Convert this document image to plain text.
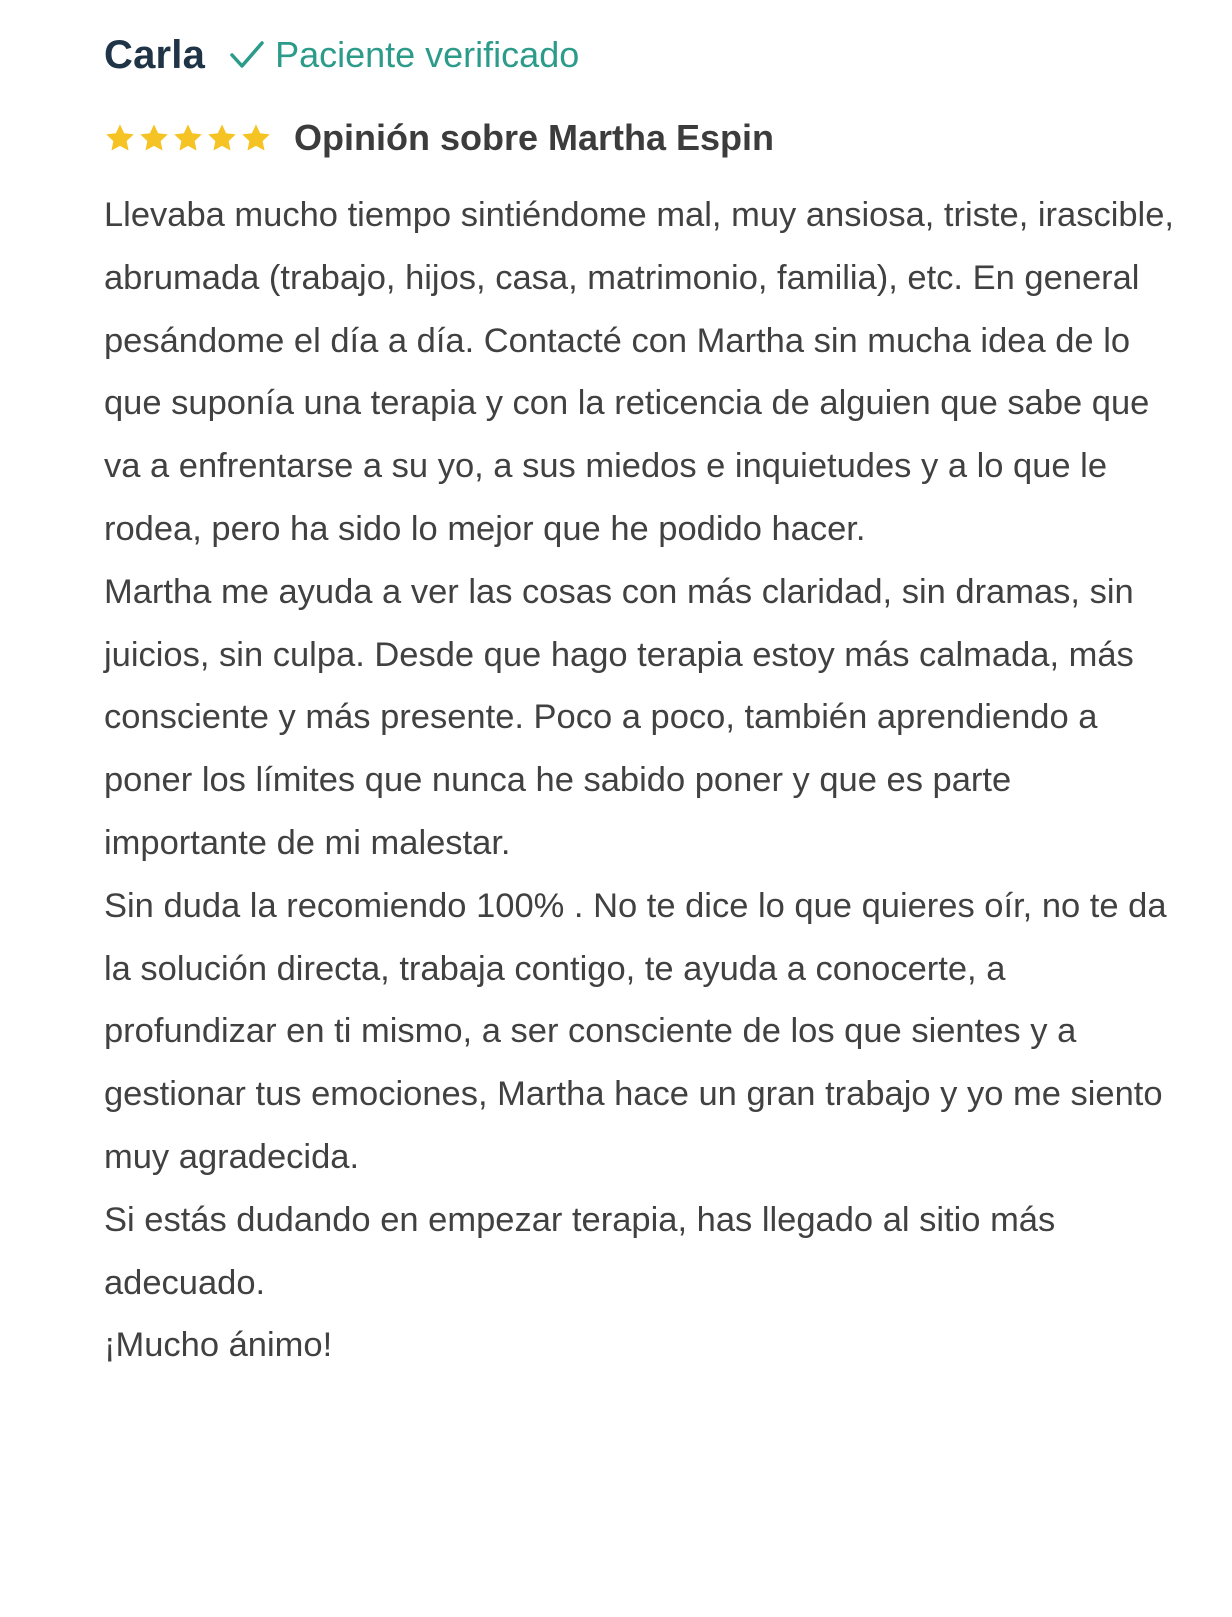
Carla Paciente verificado
Opinión sobre Martha Espin

Llevaba mucho tiempo sintiéndome mal, muy ansiosa, triste, irascible, abrumada (trabajo, hijos, casa, matrimonio, familia), etc. En general pesándome el día a día. Contacté con Martha sin mucha idea de lo que suponía una terapia y con la reticencia de alguien que sabe que va a enfrentarse a su yo, a sus miedos e inquietudes y a lo que le rodea, pero ha sido lo mejor que he podido hacer.

Martha me ayuda a ver las cosas con más claridad, sin dramas, sin juicios, sin culpa. Desde que hago terapia estoy más calmada, más consciente y más presente. Poco a poco, también aprendiendo a poner los límites que nunca he sabido poner y que es parte importante de mi malestar.

Sin duda la recomiendo 100% . No te dice lo que quieres oír, no te da la solución directa, trabaja contigo, te ayuda a conocerte, a profundizar en ti mismo, a ser consciente de los que sientes y a gestionar tus emociones, Martha hace un gran trabajo y yo me siento muy agradecida.

Si estás dudando en empezar terapia, has llegado al sitio más adecuado.

¡Mucho ánimo!
